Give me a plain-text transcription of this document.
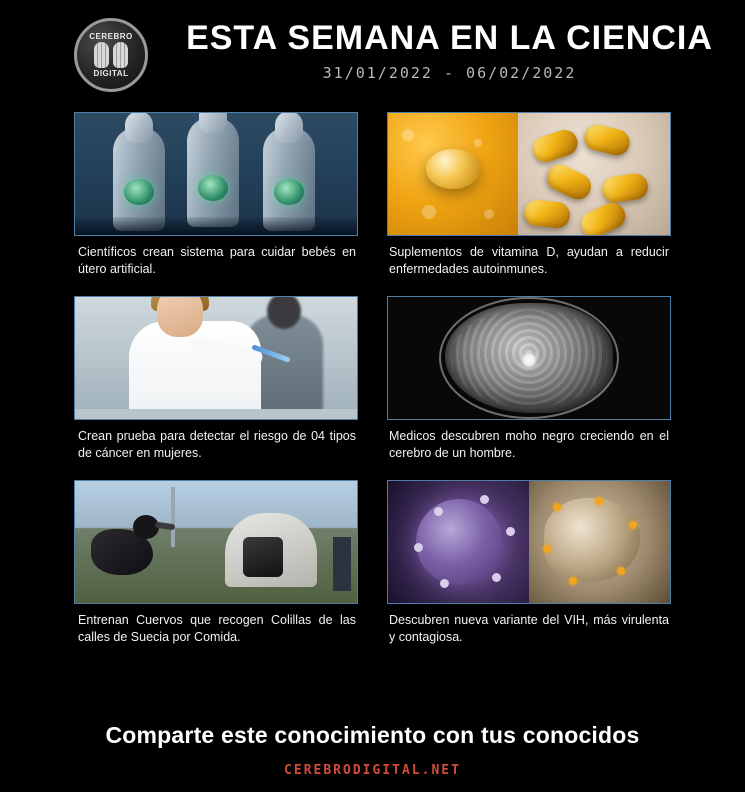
CEREBRO
DIGITAL
ESTA SEMANA EN LA CIENCIA
31/01/2022 - 06/02/2022
Científicos crean sistema para cuidar bebés en útero artificial.
Suplementos de vitamina D, ayudan a reducir enfermedades autoinmunes.
Crean prueba para detectar el riesgo de 04 tipos de cáncer en mujeres.
Medicos descubren moho negro creciendo en el cerebro de un hombre.
Entrenan Cuervos que recogen Colillas de las calles de Suecia por Comida.
Descubren nueva variante del VIH, más virulenta y contagiosa.
Comparte este conocimiento con tus conocidos
CEREBRODIGITAL.NET
